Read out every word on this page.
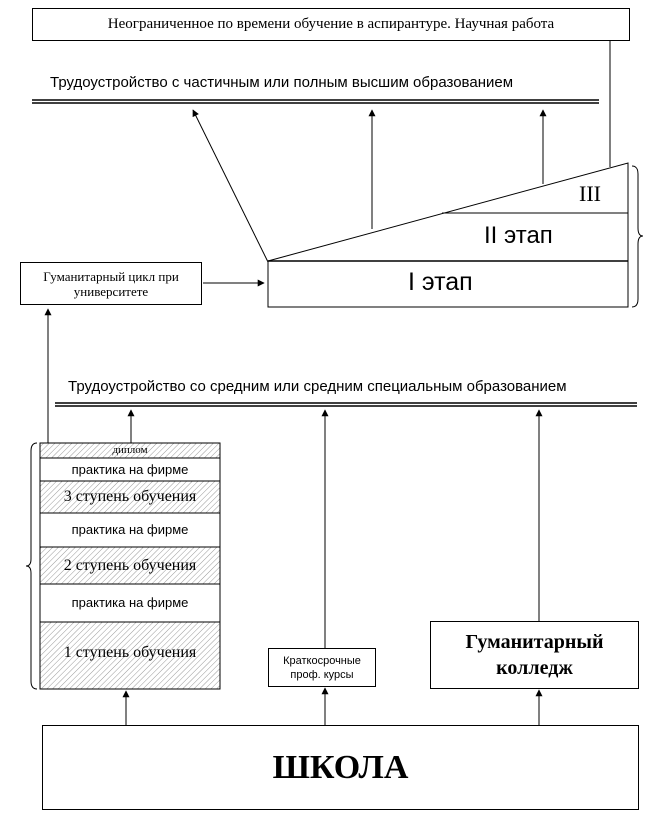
Неограниченное по времени обучение в аспирантуре. Научная работа
Трудоустройство с частичным или полным высшим образованием
Трудоустройство со средним или средним специальным образованием
III
II этап
I этап
Гуманитарный цикл при университете
диплом
практика на фирме
3 ступень обучения
практика на фирме
2 ступень обучения
практика на фирме
1 ступень обучения	Краткосрочные проф. курсы
Гуманитарный колледж
ШКОЛА
